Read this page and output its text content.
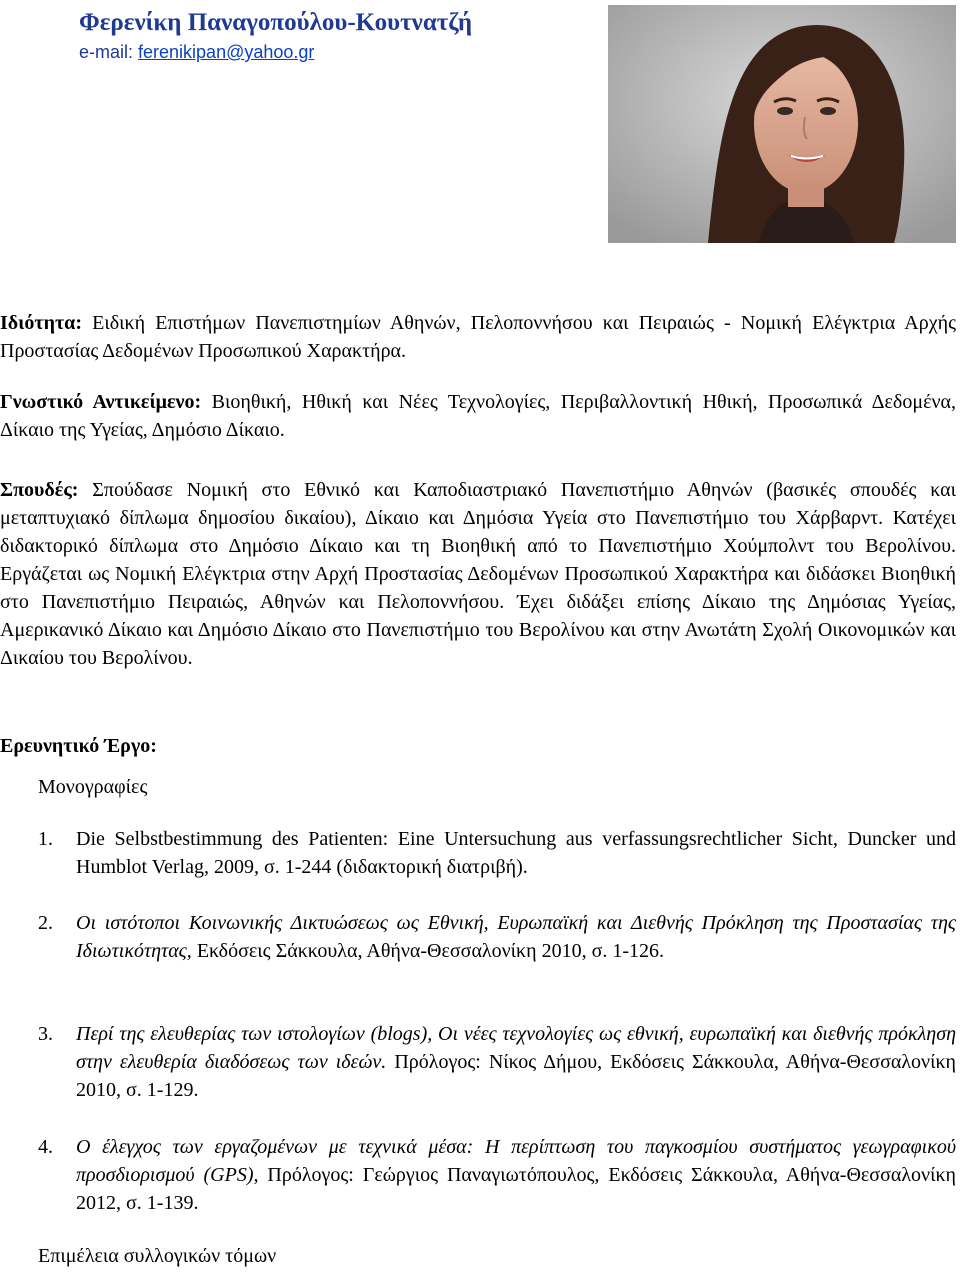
Φερενίκη Παναγοπούλου-Κουτνατζή
e-mail: ferenikipan@yahoo.gr
Ιδιότητα: Ειδική Επιστήμων Πανεπιστημίων Αθηνών, Πελοποννήσου και Πειραιώς - Νομική Ελέγκτρια Αρχής Προστασίας Δεδομένων Προσωπικού Χαρακτήρα.
Γνωστικό Αντικείμενο: Βιοηθική, Ηθική και Νέες Τεχνολογίες, Περιβαλλοντική Ηθική, Προσωπικά Δεδομένα, Δίκαιο της Υγείας, Δημόσιο Δίκαιο.
Σπουδές: Σπούδασε Νομική στο Εθνικό και Καποδιαστριακό Πανεπιστήμιο Αθηνών (βασικές σπουδές και μεταπτυχιακό δίπλωμα δημοσίου δικαίου), Δίκαιο και Δημόσια Υγεία στο Πανεπιστήμιο του Χάρβαρντ. Κατέχει διδακτορικό δίπλωμα στο Δημόσιο Δίκαιο και τη Βιοηθική από το Πανεπιστήμιο Χούμπολντ του Βερολίνου. Εργάζεται ως Νομική Ελέγκτρια στην Αρχή Προστασίας Δεδομένων Προσωπικού Χαρακτήρα και διδάσκει Βιοηθική στο Πανεπιστήμιο Πειραιώς, Αθηνών και Πελοποννήσου. Έχει διδάξει επίσης Δίκαιο της Δημόσιας Υγείας, Αμερικανικό Δίκαιο και Δημόσιο Δίκαιο στο Πανεπιστήμιο του Βερολίνου και στην Ανωτάτη Σχολή Οικονομικών και Δικαίου του Βερολίνου.
Ερευνητικό Έργο:
Μονογραφίες
1. Die Selbstbestimmung des Patienten: Eine Untersuchung aus verfassungsrechtlicher Sicht, Duncker und Humblot Verlag, 2009, σ. 1-244 (διδακτορική διατριβή).
2. Οι ιστότοποι Κοινωνικής Δικτυώσεως ως Εθνική, Ευρωπαϊκή και Διεθνής Πρόκληση της Προστασίας της Ιδιωτικότητας, Εκδόσεις Σάκκουλα, Αθήνα-Θεσσαλονίκη 2010, σ. 1-126.
3. Περί της ελευθερίας των ιστολογίων (blogs), Οι νέες τεχνολογίες ως εθνική, ευρωπαϊκή και διεθνής πρόκληση στην ελευθερία διαδόσεως των ιδεών. Πρόλογος: Νίκος Δήμου, Εκδόσεις Σάκκουλα, Αθήνα-Θεσσαλονίκη 2010, σ. 1-129.
4. Ο έλεγχος των εργαζομένων με τεχνικά μέσα: Η περίπτωση του παγκοσμίου συστήματος γεωγραφικού προσδιορισμού (GPS), Πρόλογος: Γεώργιος Παναγιωτόπουλος, Εκδόσεις Σάκκουλα, Αθήνα-Θεσσαλονίκη 2012, σ. 1-139.
Επιμέλεια συλλογικών τόμων
